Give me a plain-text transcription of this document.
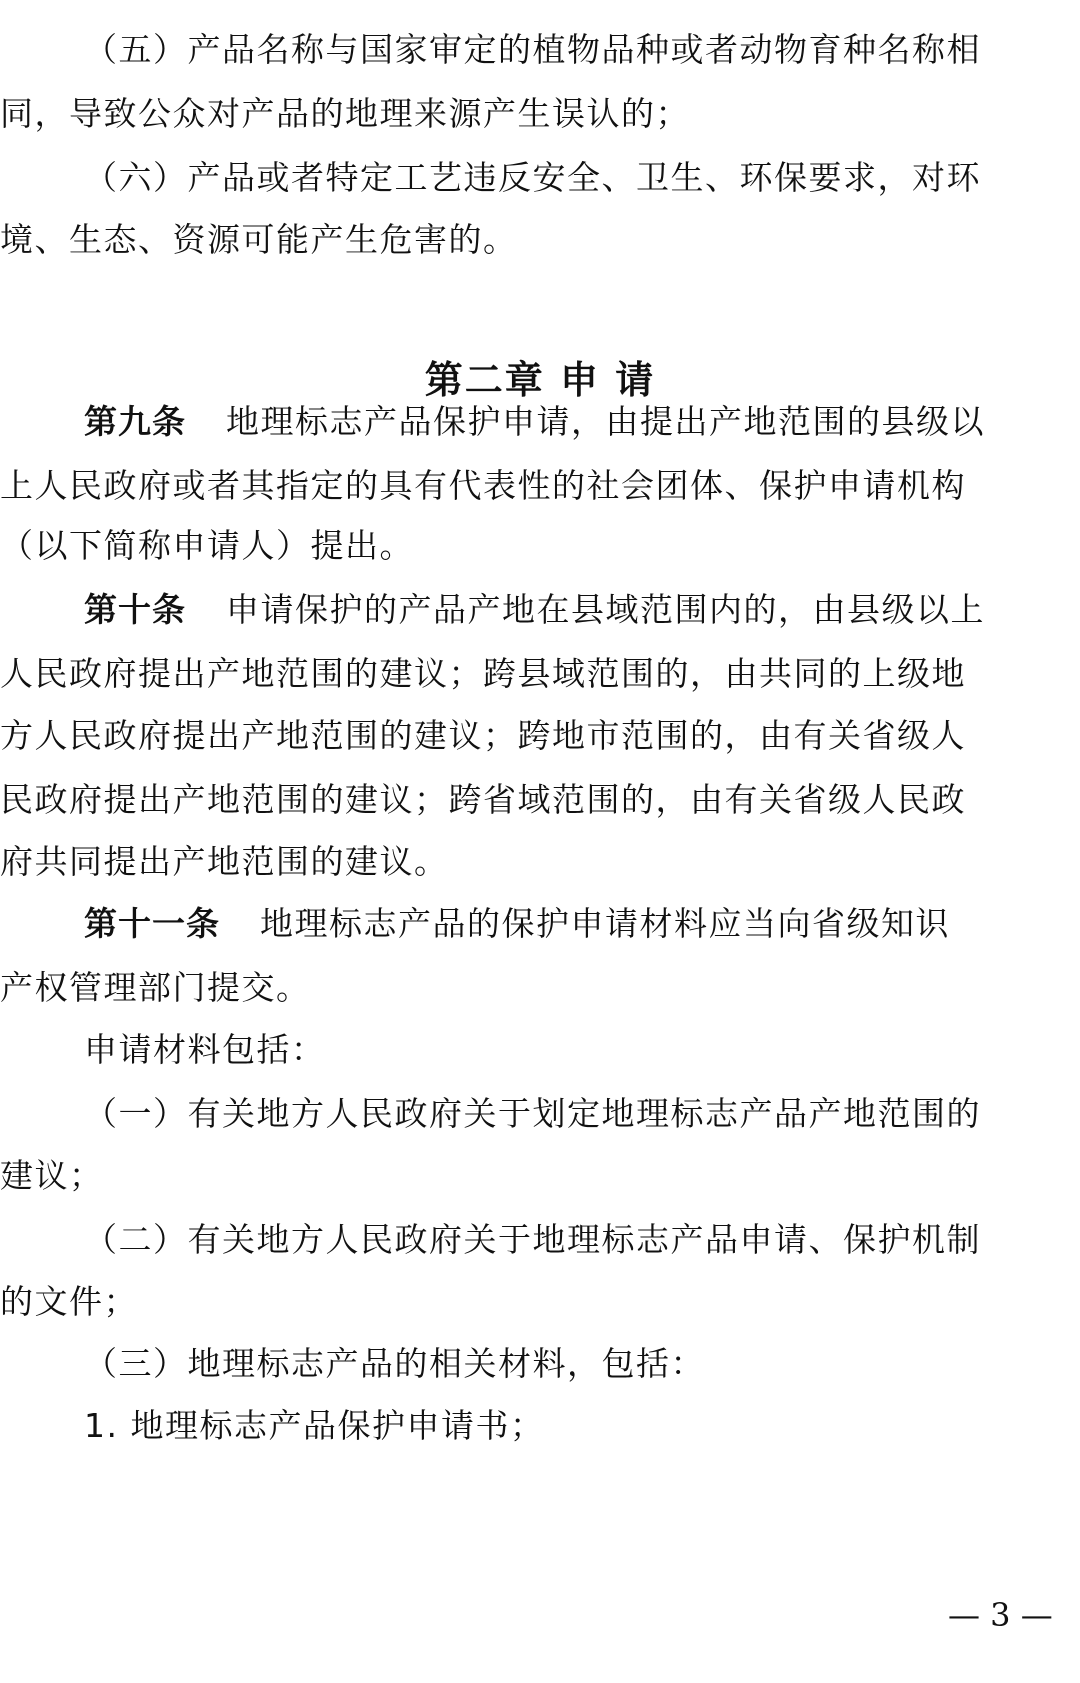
（五）产品名称与国家审定的植物品种或者动物育种名称相
同，导致公众对产品的地理来源产生误认的；
（六）产品或者特定工艺违反安全、卫生、环保要求，对环
境、生态、资源可能产生危害的。
第二章 申 请
第九条 地理标志产品保护申请，由提出产地范围的县级以
上人民政府或者其指定的具有代表性的社会团体、保护申请机构
（以下简称申请人）提出。
第十条 申请保护的产品产地在县域范围内的，由县级以上
人民政府提出产地范围的建议；跨县域范围的，由共同的上级地
方人民政府提出产地范围的建议；跨地市范围的，由有关省级人
民政府提出产地范围的建议；跨省域范围的，由有关省级人民政
府共同提出产地范围的建议。
第十一条 地理标志产品的保护申请材料应当向省级知识
产权管理部门提交。
申请材料包括：
（一）有关地方人民政府关于划定地理标志产品产地范围的
建议；
（二）有关地方人民政府关于地理标志产品申请、保护机制
的文件；
（三）地理标志产品的相关材料，包括：
1. 地理标志产品保护申请书；
— 3 —
